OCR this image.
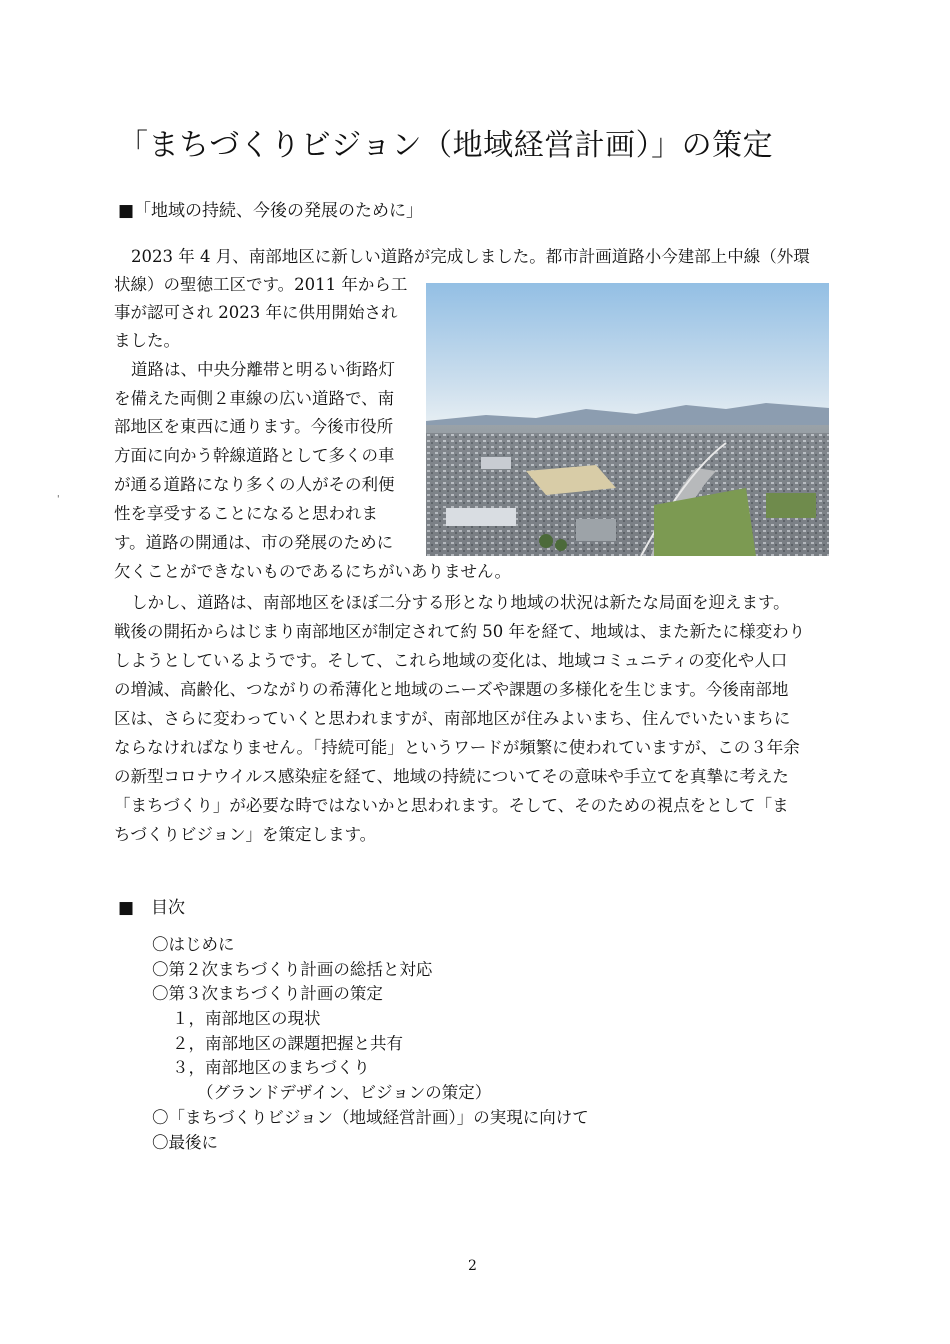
「まちづくりビジョン（地域経営計画）」の策定
■「地域の持続、今後の発展のために」
2023 年 4 月、南部地区に新しい道路が完成しました。都市計画道路小今建部上中線（外環
状線）の聖徳工区です。2011 年から工
事が認可され 2023 年に供用開始され
ました。
道路は、中央分離帯と明るい街路灯
を備えた両側２車線の広い道路で、南
部地区を東西に通ります。今後市役所
方面に向かう幹線道路として多くの車
が通る道路になり多くの人がその利便
性を享受することになると思われま
す。道路の開通は、市の発展のために
欠くことができないものであるにちがいありません。
しかし、道路は、南部地区をほぼ二分する形となり地域の状況は新たな局面を迎えます。
戦後の開拓からはじまり南部地区が制定されて約 50 年を経て、地域は、また新たに様変わり
しようとしているようです。そして、これら地域の変化は、地域コミュニティの変化や人口
の増減、高齢化、つながりの希薄化と地域のニーズや課題の多様化を生じます。今後南部地
区は、さらに変わっていくと思われますが、南部地区が住みよいまち、住んでいたいまちに
ならなければなりません。「持続可能」というワードが頻繁に使われていますが、この３年余
の新型コロナウイルス感染症を経て、地域の持続についてその意味や手立てを真摯に考えた
「まちづくり」が必要な時ではないかと思われます。そして、そのための視点をとして「ま
ちづくりビジョン」を策定します。
■　目次
〇はじめに
〇第２次まちづくり計画の総括と対応
〇第３次まちづくり計画の策定
１，南部地区の現状
２，南部地区の課題把握と共有
３，南部地区のまちづくり
（グランドデザイン、ビジョンの策定）
〇「まちづくりビジョン（地域経営計画）」の実現に向けて
〇最後に
'
2
